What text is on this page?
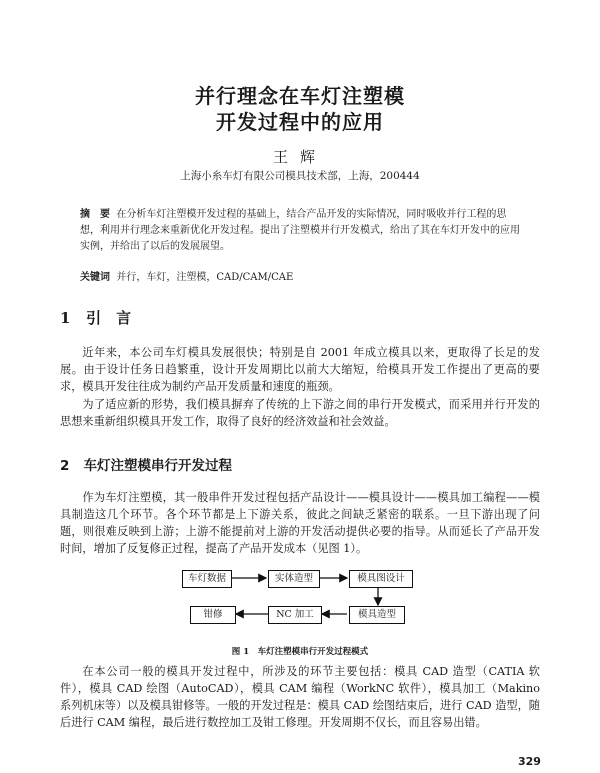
并行理念在车灯注塑模
开发过程中的应用
王辉
上海小糸车灯有限公司模具技术部，上海，200444
摘　要 在分析车灯注塑模开发过程的基础上，结合产品开发的实际情况，同时吸收并行工程的思想，利用并行理念来重新优化开发过程。提出了注塑模并行开发模式，给出了其在车灯开发中的应用实例，并给出了以后的发展展望。
关键词 并行，车灯，注塑模，CAD/CAM/CAE
1 引　言
近年来，本公司车灯模具发展很快；特别是自 2001 年成立模具以来，更取得了长足的发展。由于设计任务日趋繁重，设计开发周期比以前大大缩短，给模具开发工作提出了更高的要求，模具开发往往成为制约产品开发质量和速度的瓶颈。
为了适应新的形势，我们模具摒弃了传统的上下游之间的串行开发模式，而采用并行开发的思想来重新组织模具开发工作，取得了良好的经济效益和社会效益。
2 车灯注塑模串行开发过程
作为车灯注塑模，其一般串件开发过程包括产品设计——模具设计——模具加工编程——模具制造这几个环节。各个环节都是上下游关系，彼此之间缺乏紧密的联系。一旦下游出现了问题，则很难反映到上游；上游不能提前对上游的开发活动提供必要的指导。从而延长了产品开发时间，增加了反复修正过程，提高了产品开发成本（见图 1）。
车灯数据	实体造型	模具图设计
钳修	NC 加工	模具造型
图 1　车灯注塑模串行开发过程模式
在本公司一般的模具开发过程中，所涉及的环节主要包括：模具 CAD 造型（CATIA 软件），模具 CAD 绘图（AutoCAD），模具 CAM 编程（WorkNC 软件），模具加工（Makino 系列机床等）以及模具钳修等。一般的开发过程是：模具 CAD 绘图结束后，进行 CAD 造型，随后进行 CAM 编程，最后进行数控加工及钳工修理。开发周期不仅长，而且容易出错。
329
